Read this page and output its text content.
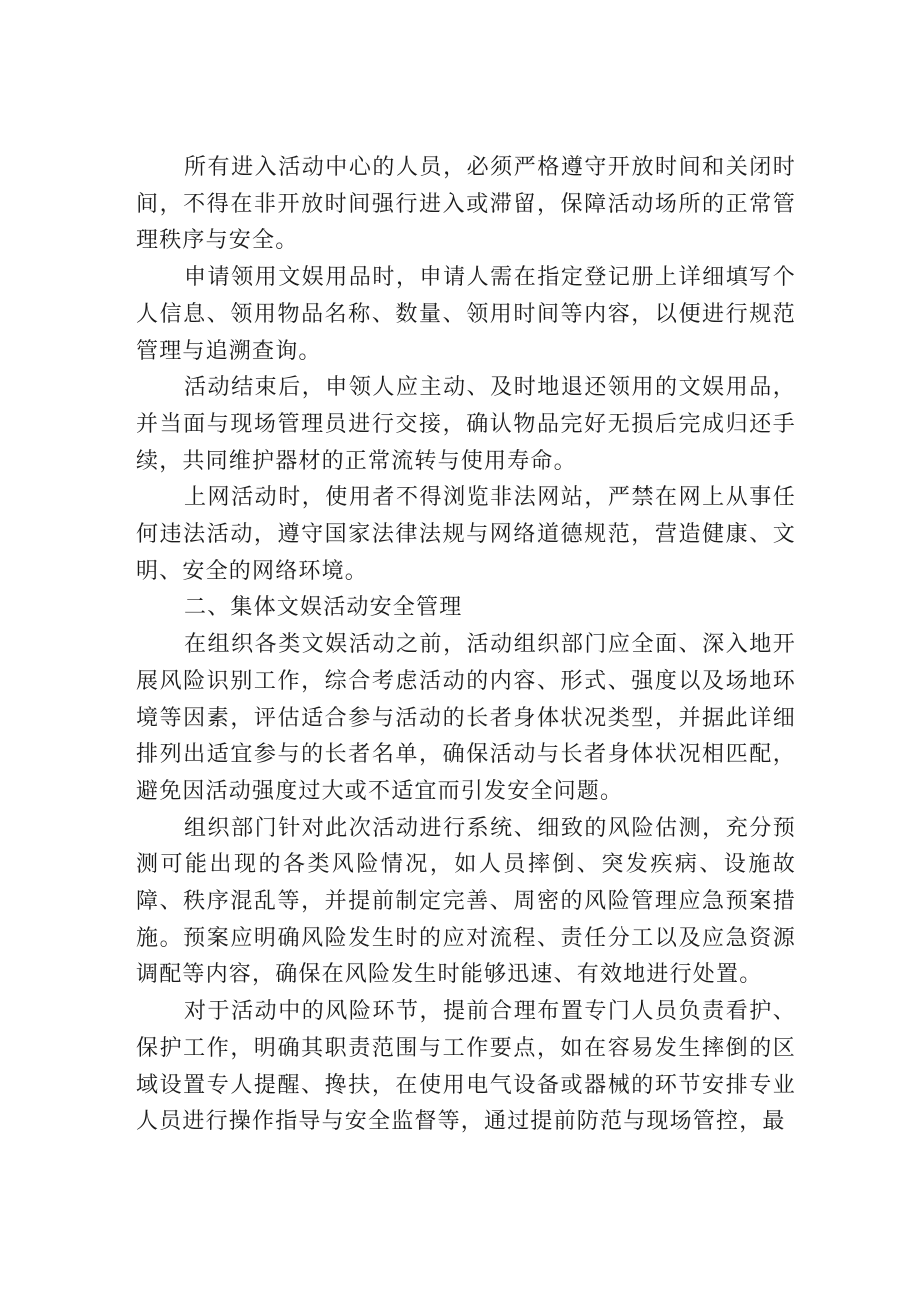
所有进入活动中心的人员，必须严格遵守开放时间和关闭时间，不得在非开放时间强行进入或滞留，保障活动场所的正常管理秩序与安全。

申请领用文娱用品时，申请人需在指定登记册上详细填写个人信息、领用物品名称、数量、领用时间等内容，以便进行规范管理与追溯查询。

活动结束后，申领人应主动、及时地退还领用的文娱用品，并当面与现场管理员进行交接，确认物品完好无损后完成归还手续，共同维护器材的正常流转与使用寿命。

上网活动时，使用者不得浏览非法网站，严禁在网上从事任何违法活动，遵守国家法律法规与网络道德规范，营造健康、文明、安全的网络环境。

二、集体文娱活动安全管理

在组织各类文娱活动之前，活动组织部门应全面、深入地开展风险识别工作，综合考虑活动的内容、形式、强度以及场地环境等因素，评估适合参与活动的长者身体状况类型，并据此详细排列出适宜参与的长者名单，确保活动与长者身体状况相匹配，避免因活动强度过大或不适宜而引发安全问题。

组织部门针对此次活动进行系统、细致的风险估测，充分预测可能出现的各类风险情况，如人员摔倒、突发疾病、设施故障、秩序混乱等，并提前制定完善、周密的风险管理应急预案措施。预案应明确风险发生时的应对流程、责任分工以及应急资源调配等内容，确保在风险发生时能够迅速、有效地进行处置。

对于活动中的风险环节，提前合理布置专门人员负责看护、保护工作，明确其职责范围与工作要点，如在容易发生摔倒的区域设置专人提醒、搀扶，在使用电气设备或器械的环节安排专业人员进行操作指导与安全监督等，通过提前防范与现场管控，最
